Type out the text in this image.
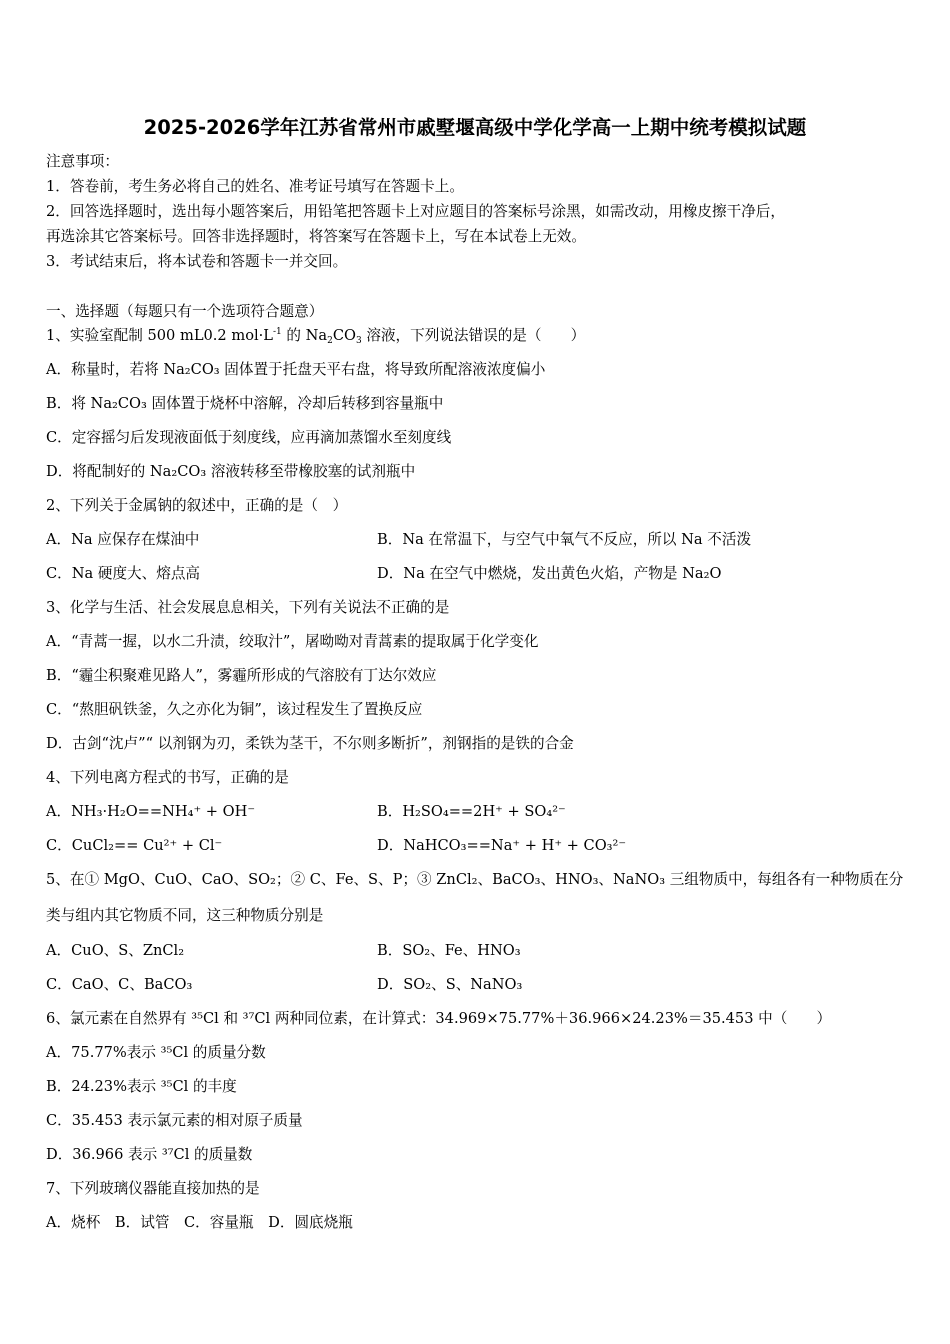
2025-2026学年江苏省常州市戚墅堰高级中学化学高一上期中统考模拟试题
注意事项：
1．答卷前，考生务必将自己的姓名、准考证号填写在答题卡上。
2．回答选择题时，选出每小题答案后，用铅笔把答题卡上对应题目的答案标号涂黑，如需改动，用橡皮擦干净后，
再选涂其它答案标号。回答非选择题时，将答案写在答题卡上，写在本试卷上无效。
3．考试结束后，将本试卷和答题卡一并交回。
一、选择题（每题只有一个选项符合题意）
1、实验室配制 500 mL0.2 $mol\cdot L^{-1}$ 的 $Na_2CO_3$ 溶液，下列说法错误的是（　　）
A．称量时，若将 Na₂CO₃ 固体置于托盘天平右盘，将导致所配溶液浓度偏小
B．将 Na₂CO₃ 固体置于烧杯中溶解，冷却后转移到容量瓶中
C．定容摇匀后发现液面低于刻度线，应再滴加蒸馏水至刻度线
D．将配制好的 Na₂CO₃ 溶液转移至带橡胶塞的试剂瓶中
2、下列关于金属钠的叙述中，正确的是（　）
A．Na 应保存在煤油中	B．Na 在常温下，与空气中氧气不反应，所以 Na 不活泼
C．Na 硬度大、熔点高	D．Na 在空气中燃烧，发出黄色火焰，产物是 Na₂O
3、化学与生活、社会发展息息相关，下列有关说法不正确的是
A．“青蒿一握，以水二升渍，绞取汁”，屠呦呦对青蒿素的提取属于化学变化
B．“霾尘积聚难见路人”，雾霾所形成的气溶胶有丁达尔效应
C．“熬胆矾铁釜，久之亦化为铜”，该过程发生了置换反应
D．古剑“沈卢”“ 以剂钢为刃，柔铁为茎干，不尔则多断折”，剂钢指的是铁的合金
4、下列电离方程式的书写，正确的是
A．NH₃·H₂O==NH₄⁺ + OH⁻	B．H₂SO₄==2H⁺ + SO₄²⁻
C．CuCl₂== Cu²⁺ + Cl⁻	D．NaHCO₃==Na⁺ + H⁺ + CO₃²⁻
5、在① MgO、CuO、CaO、SO₂；② C、Fe、S、P；③ ZnCl₂、BaCO₃、HNO₃、NaNO₃ 三组物质中，每组各有一种物质在分
类与组内其它物质不同，这三种物质分别是
A．CuO、S、ZnCl₂	B．SO₂、Fe、HNO₃
C．CaO、C、BaCO₃	D．SO₂、S、NaNO₃
6、氯元素在自然界有 ³⁵Cl 和 ³⁷Cl 两种同位素，在计算式：34.969×75.77%＋36.966×24.23%＝35.453 中（　　）
A．75.77%表示 ³⁵Cl 的质量分数
B．24.23%表示 ³⁵Cl 的丰度
C．35.453 表示氯元素的相对原子质量
D．36.966 表示 ³⁷Cl 的质量数
7、下列玻璃仪器能直接加热的是
A．烧杯　B．试管　C．容量瓶　D．圆底烧瓶
